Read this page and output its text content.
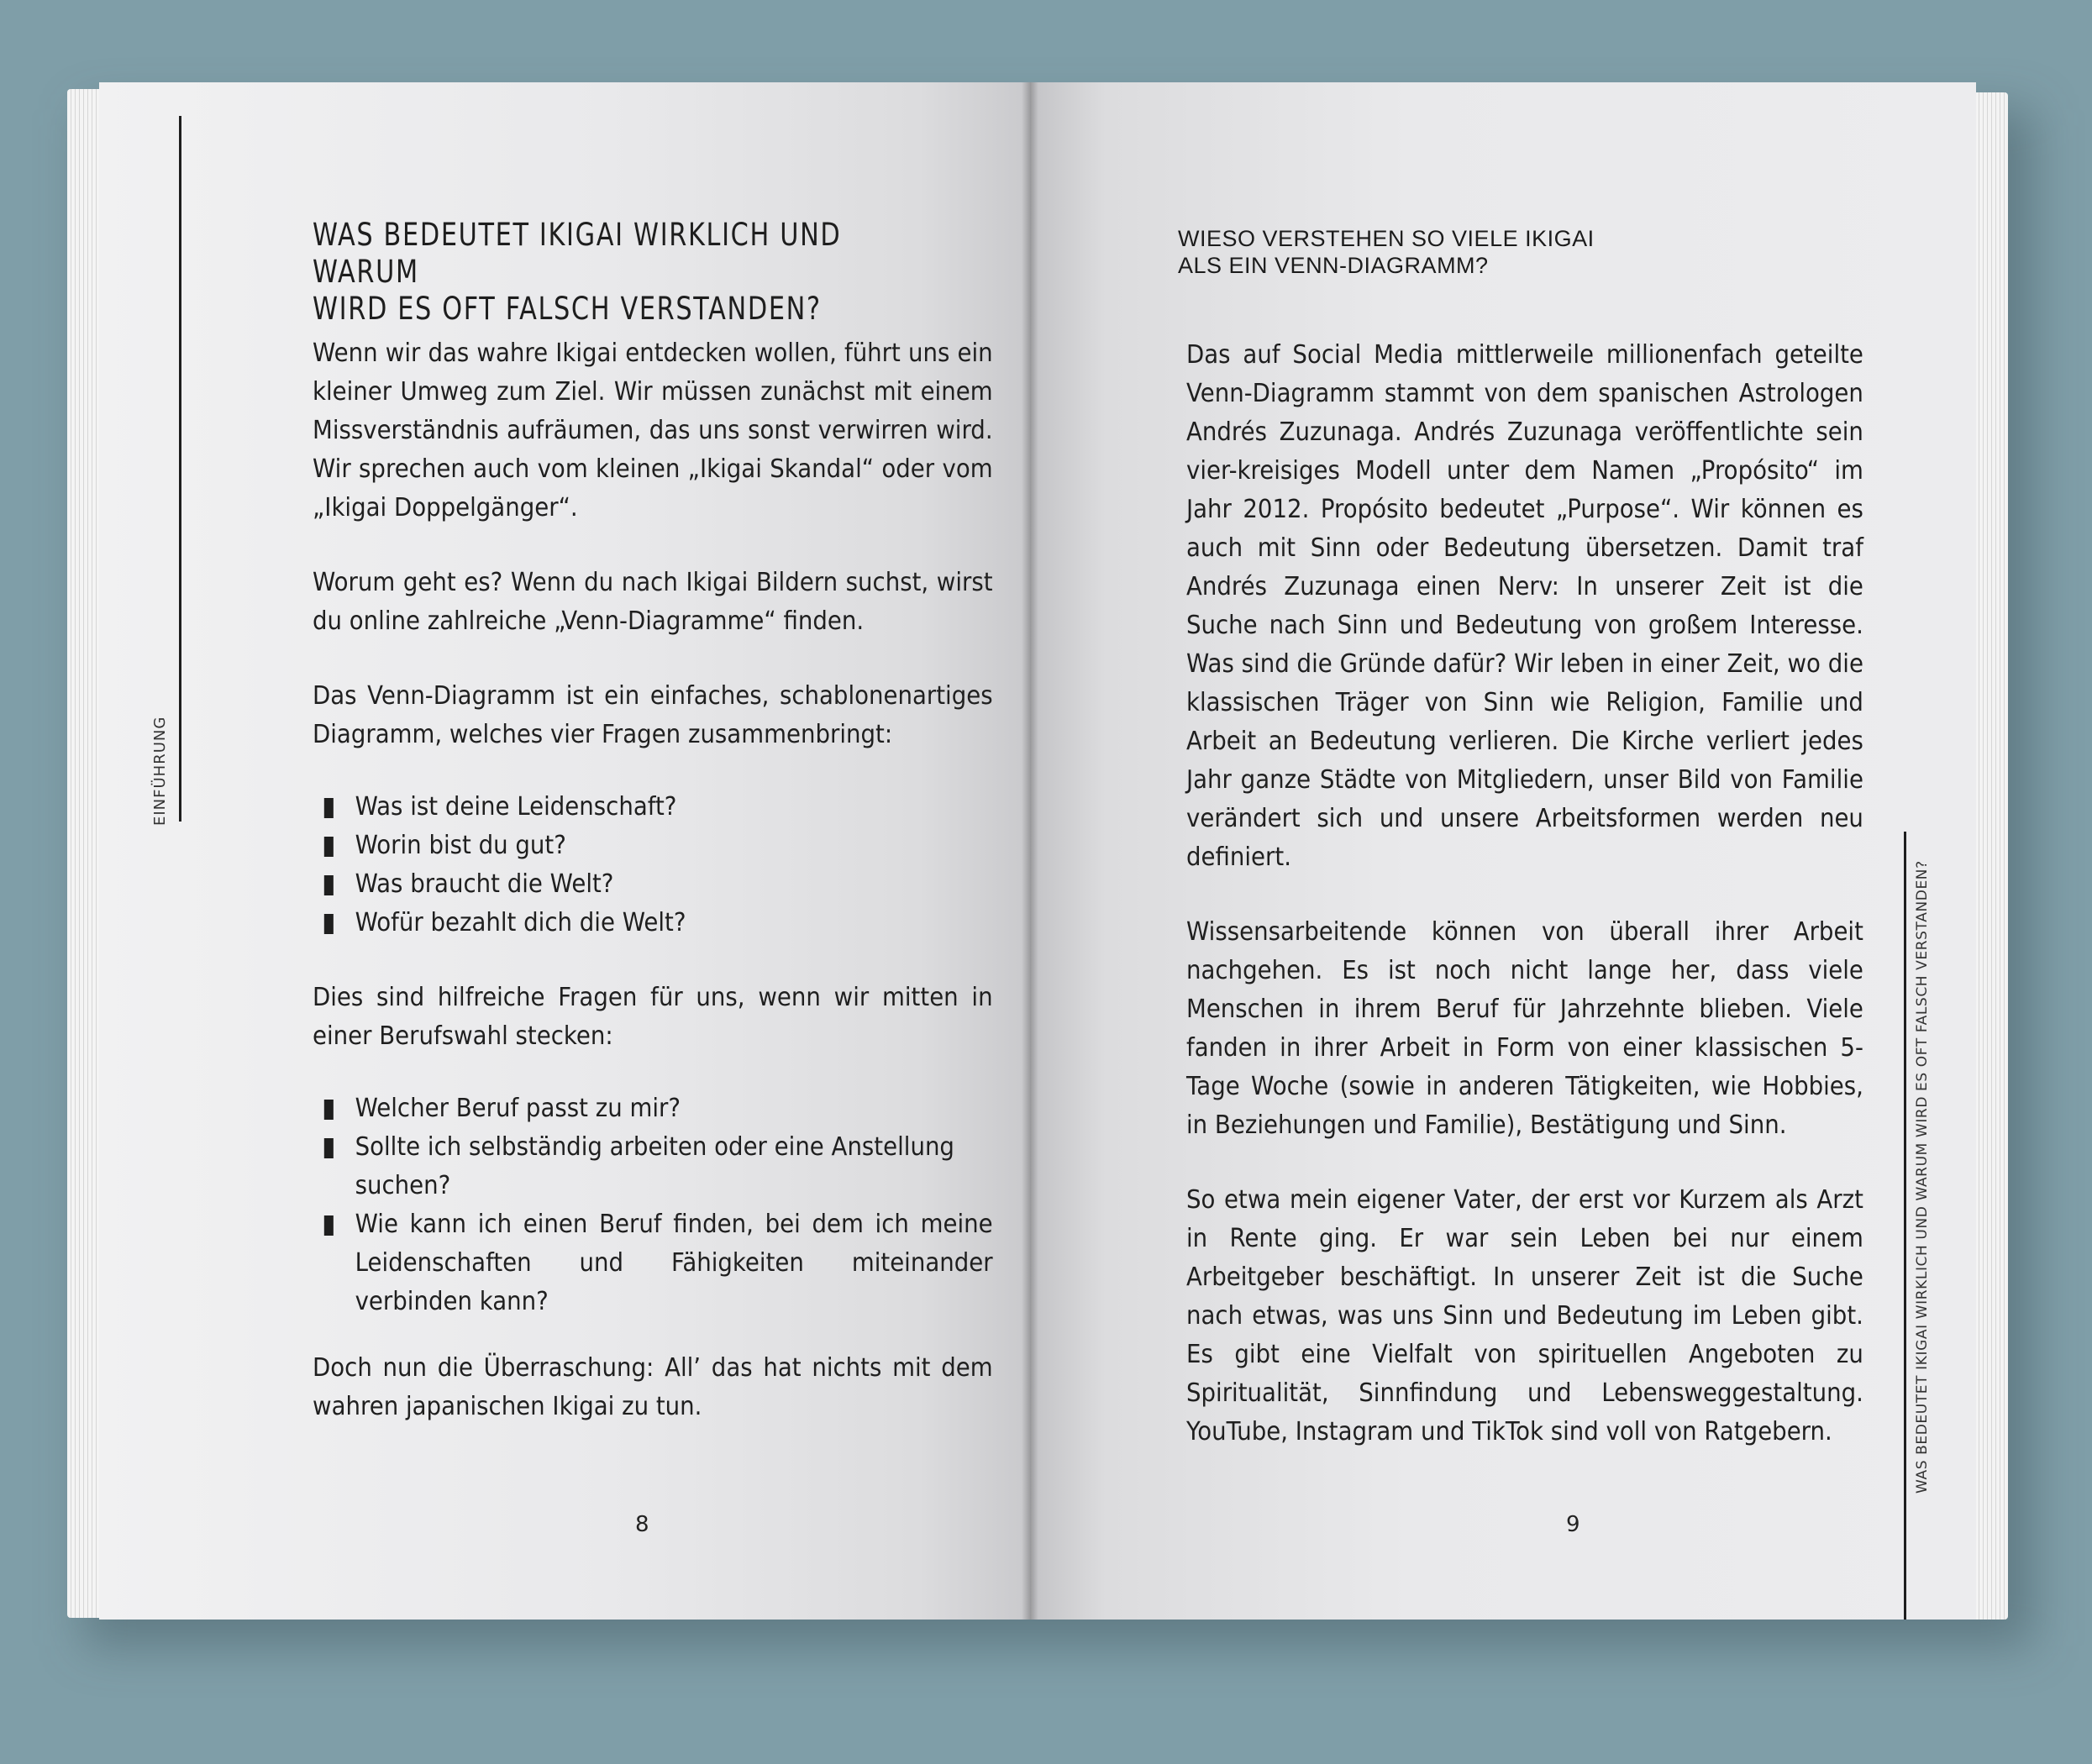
EINFÜHRUNG
WAS BEDEUTET IKIGAI WIRKLICH UND WARUM
WIRD ES OFT FALSCH VERSTANDEN?

Wenn wir das wahre Ikigai entdecken wollen, führt uns ein kleiner Umweg zum Ziel. Wir müssen zunächst mit einem Missverständnis aufräumen, das uns sonst verwirren wird. Wir sprechen auch vom kleinen „Ikigai Skandal“ oder vom „Ikigai Doppelgänger“.

Worum geht es? Wenn du nach Ikigai Bildern suchst, wirst du online zahlreiche „Venn-Diagramme“ finden.

Das Venn-Diagramm ist ein einfaches, schablonenartiges Diagramm, welches vier Fragen zusammenbringt:

Was ist deine Leidenschaft?
Worin bist du gut?
Was braucht die Welt?
Wofür bezahlt dich die Welt?

Dies sind hilfreiche Fragen für uns, wenn wir mitten in einer Berufswahl stecken:

Welcher Beruf passt zu mir?
Sollte ich selbständig arbeiten oder eine Anstellung suchen?
Wie kann ich einen Beruf finden, bei dem ich meine Leidenschaften und Fähigkeiten miteinander verbinden kann?

Doch nun die Überraschung: All’ das hat nichts mit dem wahren japanischen Ikigai zu tun.

8
WIESO VERSTEHEN SO VIELE IKIGAI
ALS EIN VENN-DIAGRAMM?

Das auf Social Media mittlerweile millionenfach geteilte Venn-Diagramm stammt von dem spanischen Astrologen Andrés Zuzunaga. Andrés Zuzunaga veröffentlichte sein vier-kreisiges Modell unter dem Namen „Propósito“ im Jahr 2012. Propósito bedeutet „Purpose“. Wir können es auch mit Sinn oder Bedeutung übersetzen. Damit traf Andrés Zuzunaga einen Nerv: In unserer Zeit ist die Suche nach Sinn und Bedeutung von großem Interesse. Was sind die Gründe dafür? Wir leben in einer Zeit, wo die klassischen Träger von Sinn wie Religion, Familie und Arbeit an Bedeutung verlieren. Die Kirche verliert jedes Jahr ganze Städte von Mitgliedern, unser Bild von Familie verändert sich und unsere Arbeitsformen werden neu definiert.

Wissensarbeitende können von überall ihrer Arbeit nachgehen. Es ist noch nicht lange her, dass viele Menschen in ihrem Beruf für Jahrzehnte blieben. Viele fanden in ihrer Arbeit in Form von einer klassischen 5-Tage Woche (sowie in anderen Tätigkeiten, wie Hobbies, in Beziehungen und Familie), Bestätigung und Sinn.

So etwa mein eigener Vater, der erst vor Kurzem als Arzt in Rente ging. Er war sein Leben bei nur einem Arbeitgeber beschäftigt. In unserer Zeit ist die Suche nach etwas, was uns Sinn und Bedeutung im Leben gibt. Es gibt eine Vielfalt von spirituellen Angeboten zu Spiritualität, Sinnfindung und Lebensweggestaltung. YouTube, Instagram und TikTok sind voll von Ratgebern.

9
WAS BEDEUTET IKIGAI WIRKLICH UND WARUM WIRD ES OFT FALSCH VERSTANDEN?
